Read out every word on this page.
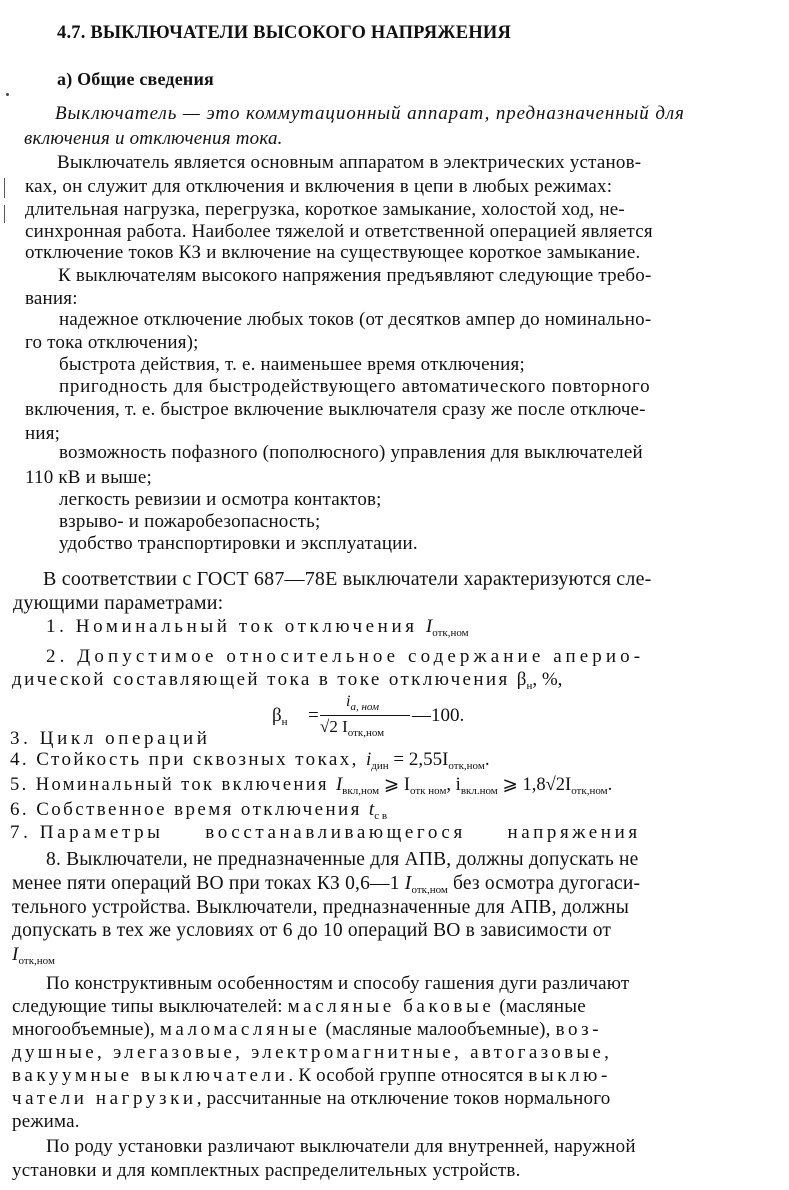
4.7. ВЫКЛЮЧАТЕЛИ ВЫСОКОГО НАПРЯЖЕНИЯ
а) Общие сведения
Выключатель — это коммутационный аппарат, предназначенный для
включения и отключения тока.
Выключатель является основным аппаратом в электрических установ-
ках, он служит для отключения и включения в цепи в любых режимах:
длительная нагрузка, перегрузка, короткое замыкание, холостой ход, не-
синхронная работа. Наиболее тяжелой и ответственной операцией является
отключение токов КЗ и включение на существующее короткое замыкание.
К выключателям высокого напряжения предъявляют следующие требо-
вания:
надежное отключение любых токов (от десятков ампер до номинально-
го тока отключения);
быстрота действия, т. е. наименьшее время отключения;
пригодность для быстродействующего автоматического повторного
включения, т. е. быстрое включение выключателя сразу же после отключе-
ния;
возможность пофазного (пополюсного) управления для выключателей
110 кВ и выше;
легкость ревизии и осмотра контактов;
взрыво- и пожаробезопасность;
удобство транспортировки и эксплуатации.
В соответствии с ГОСТ 687—78Е выключатели характеризуются сле-
дующими параметрами:
1. Номинальный ток отключения $I_{отк,ном}$
2. Допустимое относительное содержание аперио-
дической составляющей тока в токе отключения $\beta_н$, %,
$\beta_н$ =
$i_{а, ном}$
√2 $I_{отк,ном}$
—100.
3. Цикл операций
4. Стойкость при сквозных токах, $i_{дин} = 2,55I_{отк,ном}$.
5. Номинальный ток включения $I_{вкл,ном}$ ⩾ $I_{отк ном}$, $i_{вкл.ном}$ ⩾ $1,8√2I_{отк,ном}$.
6. Собственное время отключения $t_{с в}$
7. Параметры     восстанавливающегося     напряжения
8. Выключатели, не предназначенные для АПВ, должны допускать не
менее пяти операций ВО при токах КЗ 0,6—1 $I_{отк,ном}$ без осмотра дугогаси-
тельного устройства. Выключатели, предназначенные для АПВ, должны
допускать в тех же условиях от 6 до 10 операций ВО в зависимости от
$I_{отк,ном}$
По конструктивным особенностям и способу гашения дуги различают
следующие типы выключателей: масляные баковые (масляные
многообъемные), маломасляные (масляные малообъемные), воз-
душные, элегазовые, электромагнитные, автогазовые,
вакуумные выключатели. К особой группе относятся выклю-
чатели нагрузки, рассчитанные на отключение токов нормального
режима.
По роду установки различают выключатели для внутренней, наружной
установки и для комплектных распределительных устройств.
